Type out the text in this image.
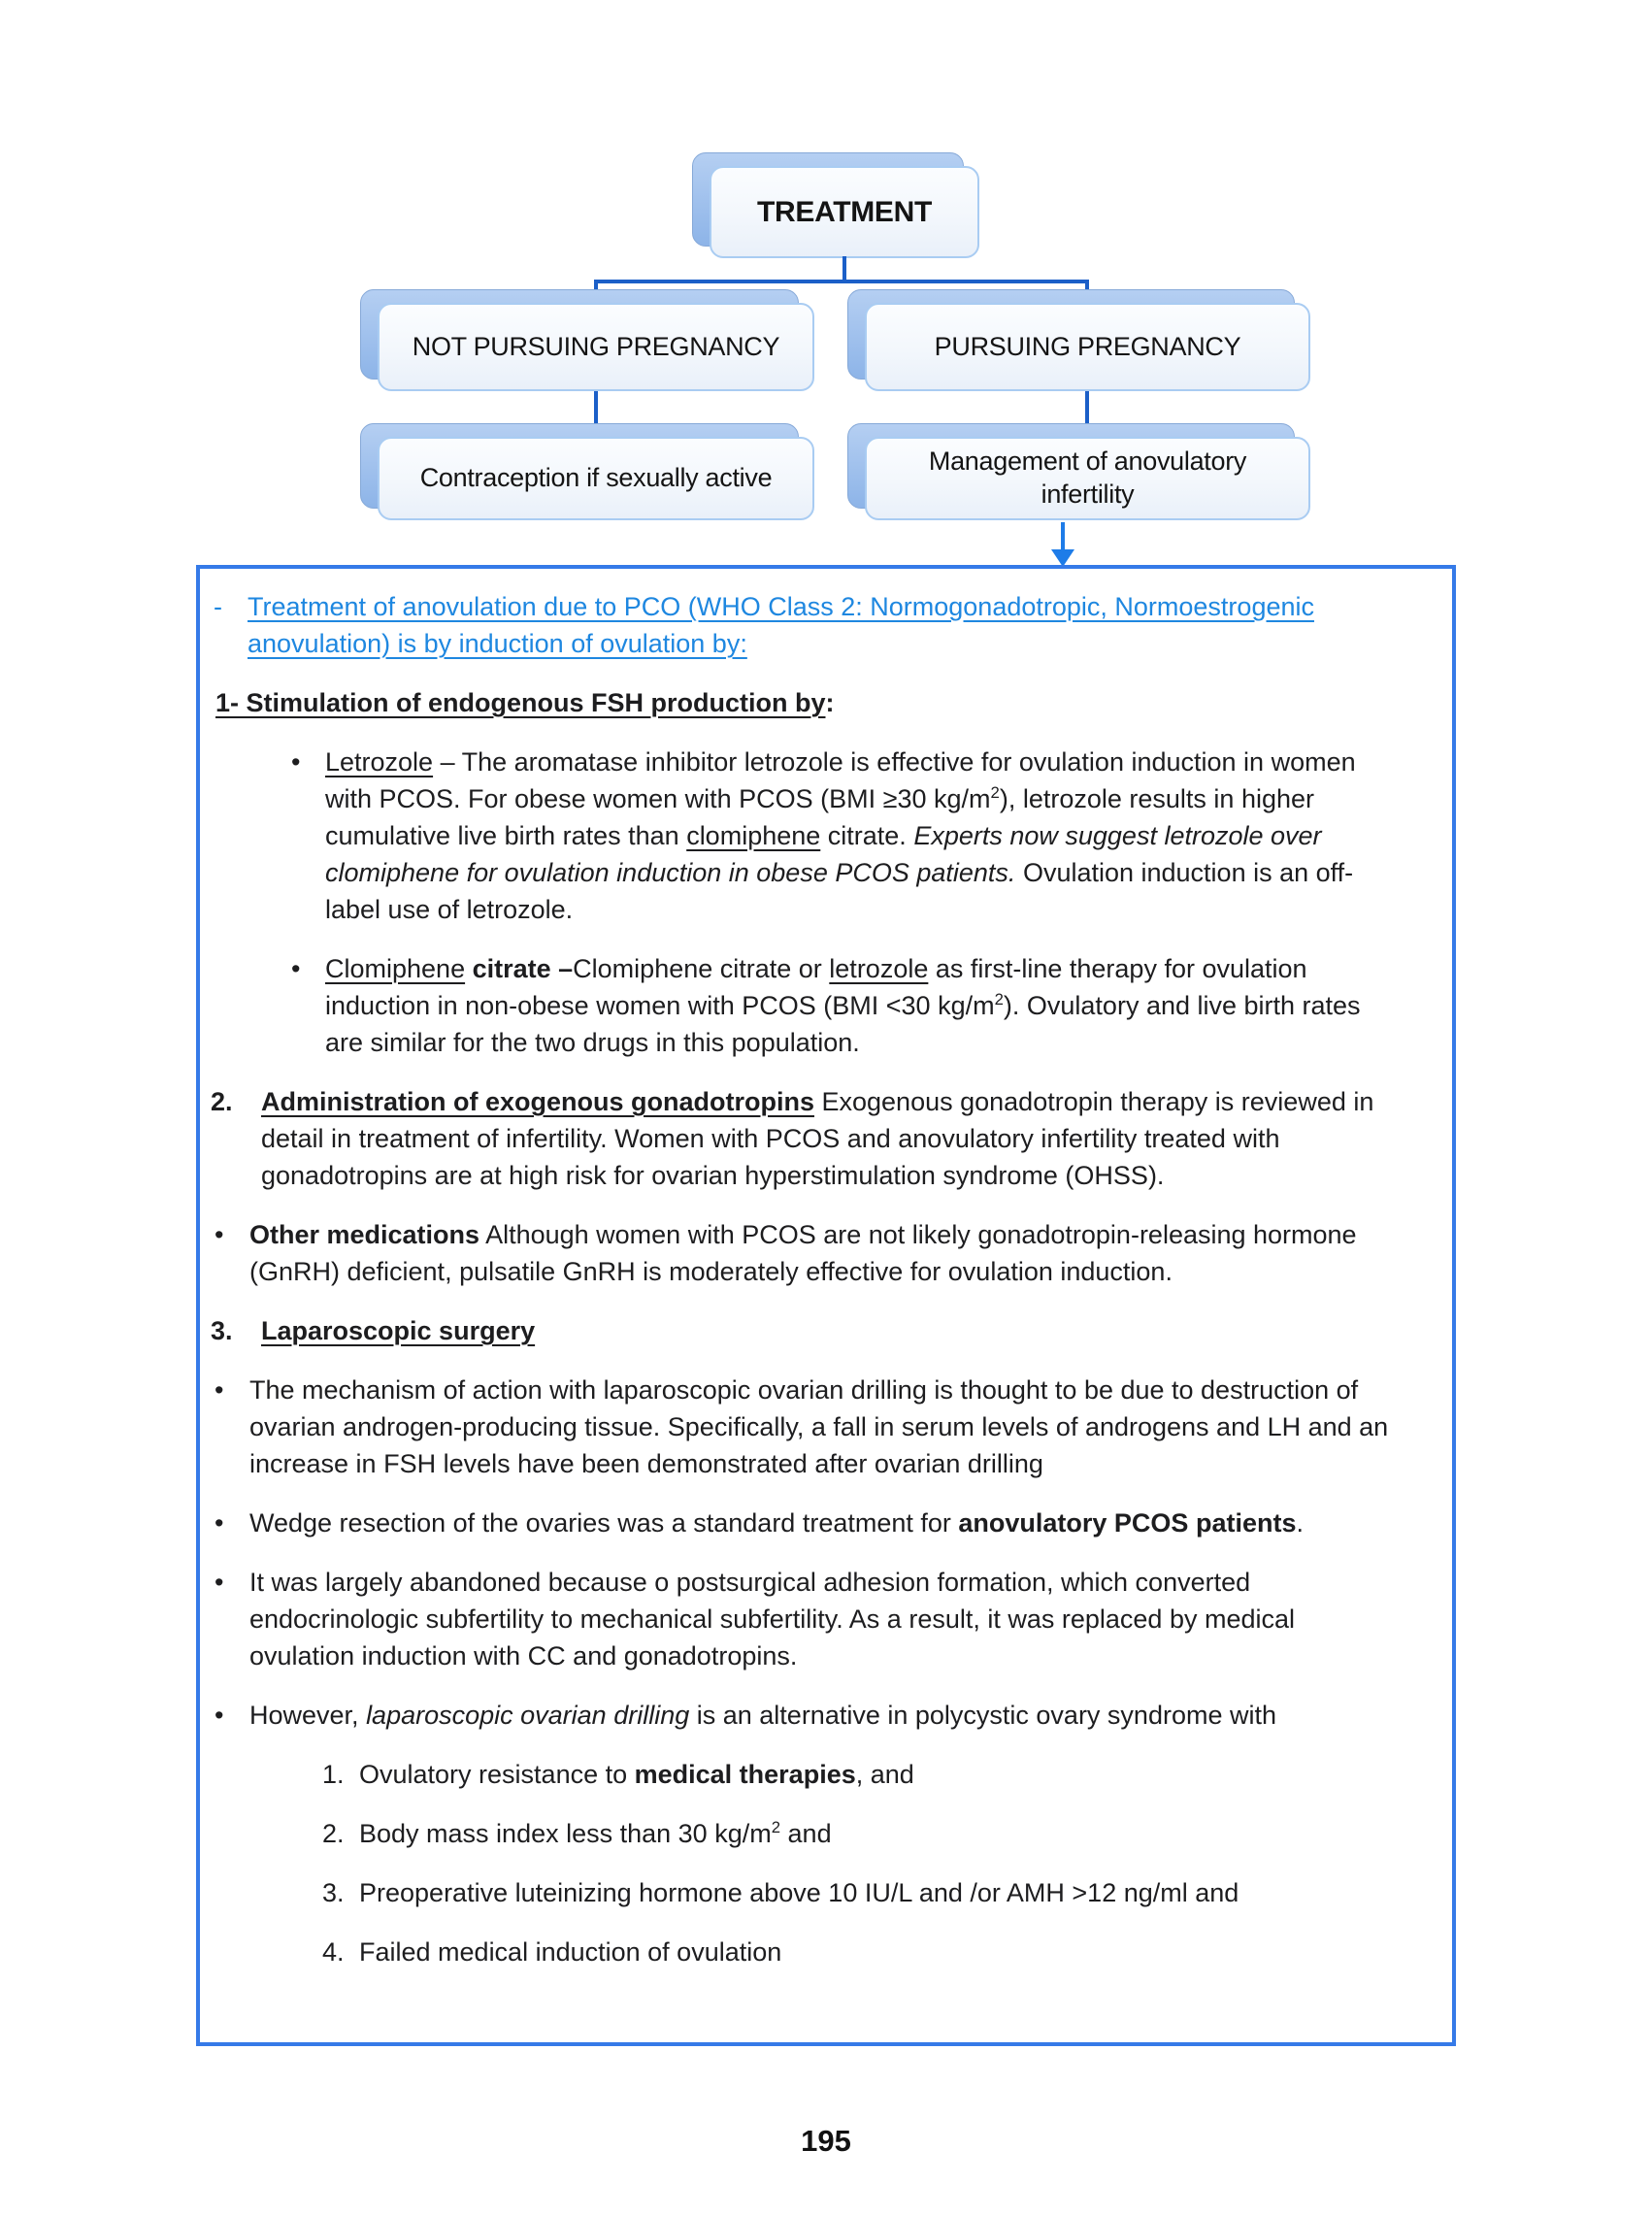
TREATMENT
NOT PURSUING PREGNANCY	PURSUING PREGNANCY
Contraception if sexually active
Management of anovulatory infertility
- Treatment of anovulation due to PCO (WHO Class 2: Normogonadotropic, Normoestrogenic anovulation) is by induction of ovulation by:
1- Stimulation of endogenous FSH production by:
• Letrozole – The aromatase inhibitor letrozole is effective for ovulation induction in women with PCOS. For obese women with PCOS (BMI ≥30 $kg/m^2$), letrozole results in higher cumulative live birth rates than clomiphene citrate. Experts now suggest letrozole over clomiphene for ovulation induction in obese PCOS patients. Ovulation induction is an off-label use of letrozole.
• Clomiphene citrate –Clomiphene citrate or letrozole as first-line therapy for ovulation induction in non-obese women with PCOS (BMI <30 $kg/m^2$). Ovulatory and live birth rates are similar for the two drugs in this population.
2. Administration of exogenous gonadotropins Exogenous gonadotropin therapy is reviewed in detail in treatment of infertility. Women with PCOS and anovulatory infertility treated with gonadotropins are at high risk for ovarian hyperstimulation syndrome (OHSS).
• Other medications Although women with PCOS are not likely gonadotropin-releasing hormone (GnRH) deficient, pulsatile GnRH is moderately effective for ovulation induction.
3. Laparoscopic surgery
• The mechanism of action with laparoscopic ovarian drilling is thought to be due to destruction of ovarian androgen-producing tissue. Specifically, a fall in serum levels of androgens and LH and an increase in FSH levels have been demonstrated after ovarian drilling
• Wedge resection of the ovaries was a standard treatment for anovulatory PCOS patients.
• It was largely abandoned because o postsurgical adhesion formation, which converted endocrinologic subfertility to mechanical subfertility. As a result, it was replaced by medical ovulation induction with CC and gonadotropins.
• However, laparoscopic ovarian drilling is an alternative in polycystic ovary syndrome with
1. Ovulatory resistance to medical therapies, and
2. Body mass index less than 30 $kg/m^2$ and
3. Preoperative luteinizing hormone above 10 IU/L and /or AMH >12 ng/ml and
4. Failed medical induction of ovulation
195
